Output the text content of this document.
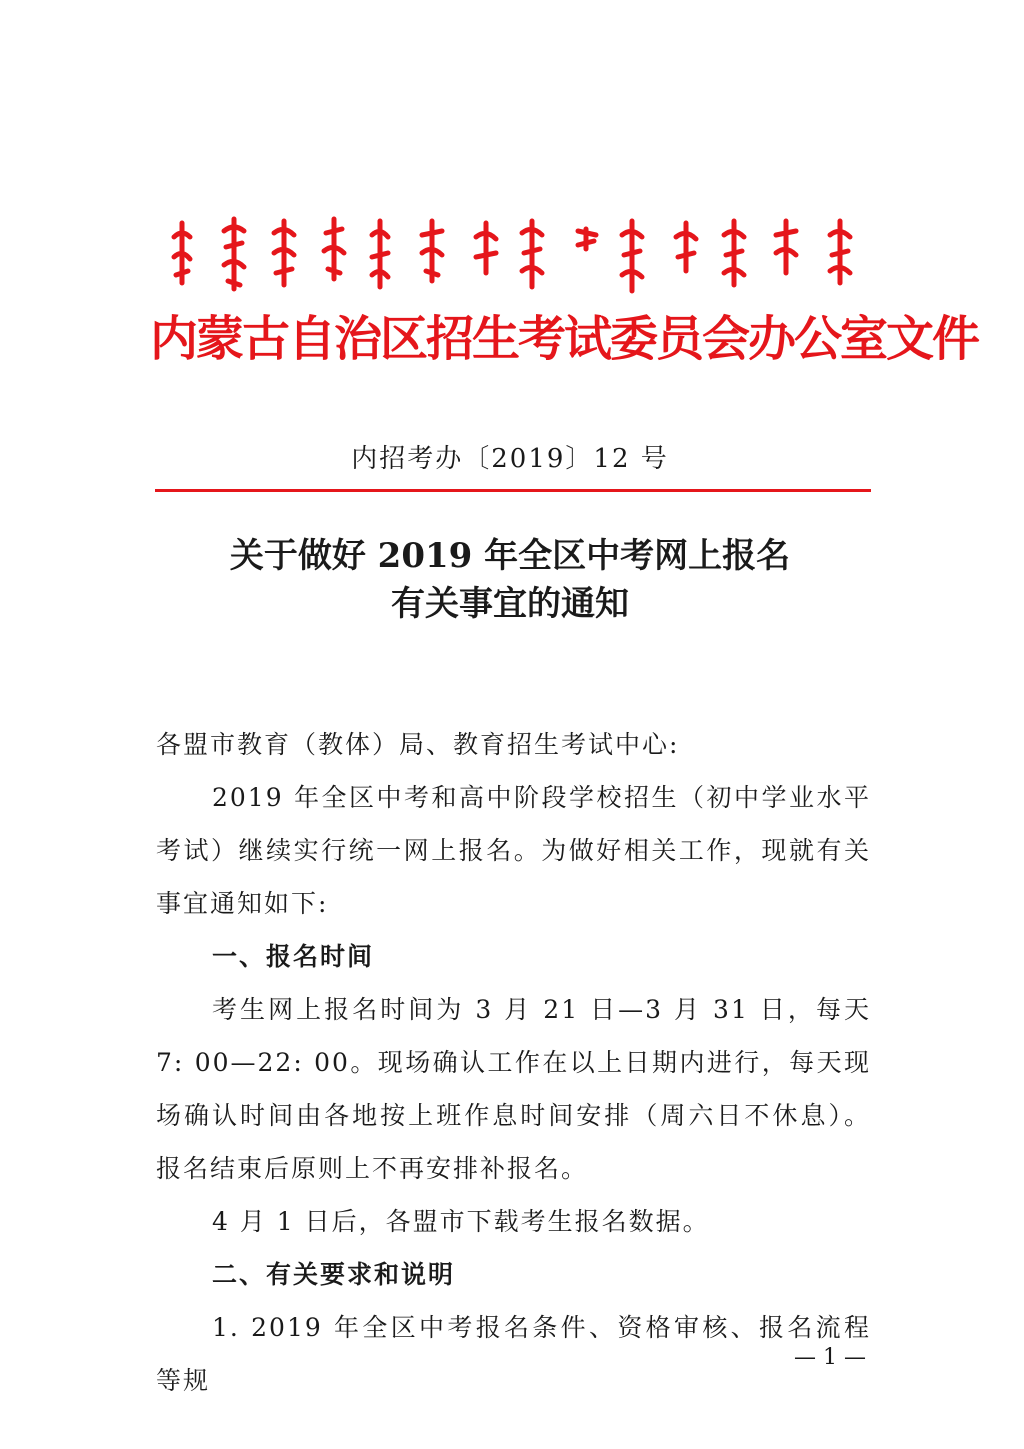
内蒙古自治区招生考试委员会办公室文件
内招考办〔2019〕12 号
关于做好 2019 年全区中考网上报名
有关事宜的通知

各盟市教育（教体）局、教育招生考试中心:

2019 年全区中考和高中阶段学校招生（初中学业水平考试）继续实行统一网上报名。为做好相关工作，现就有关事宜通知如下:

一、报名时间

考生网上报名时间为 3 月 21 日—3 月 31 日，每天 7: 00—22: 00。现场确认工作在以上日期内进行，每天现场确认时间由各地按上班作息时间安排（周六日不休息）。报名结束后原则上不再安排补报名。

4 月 1 日后，各盟市下载考生报名数据。

二、有关要求和说明

1. 2019 年全区中考报名条件、资格审核、报名流程等规

— 1 —
